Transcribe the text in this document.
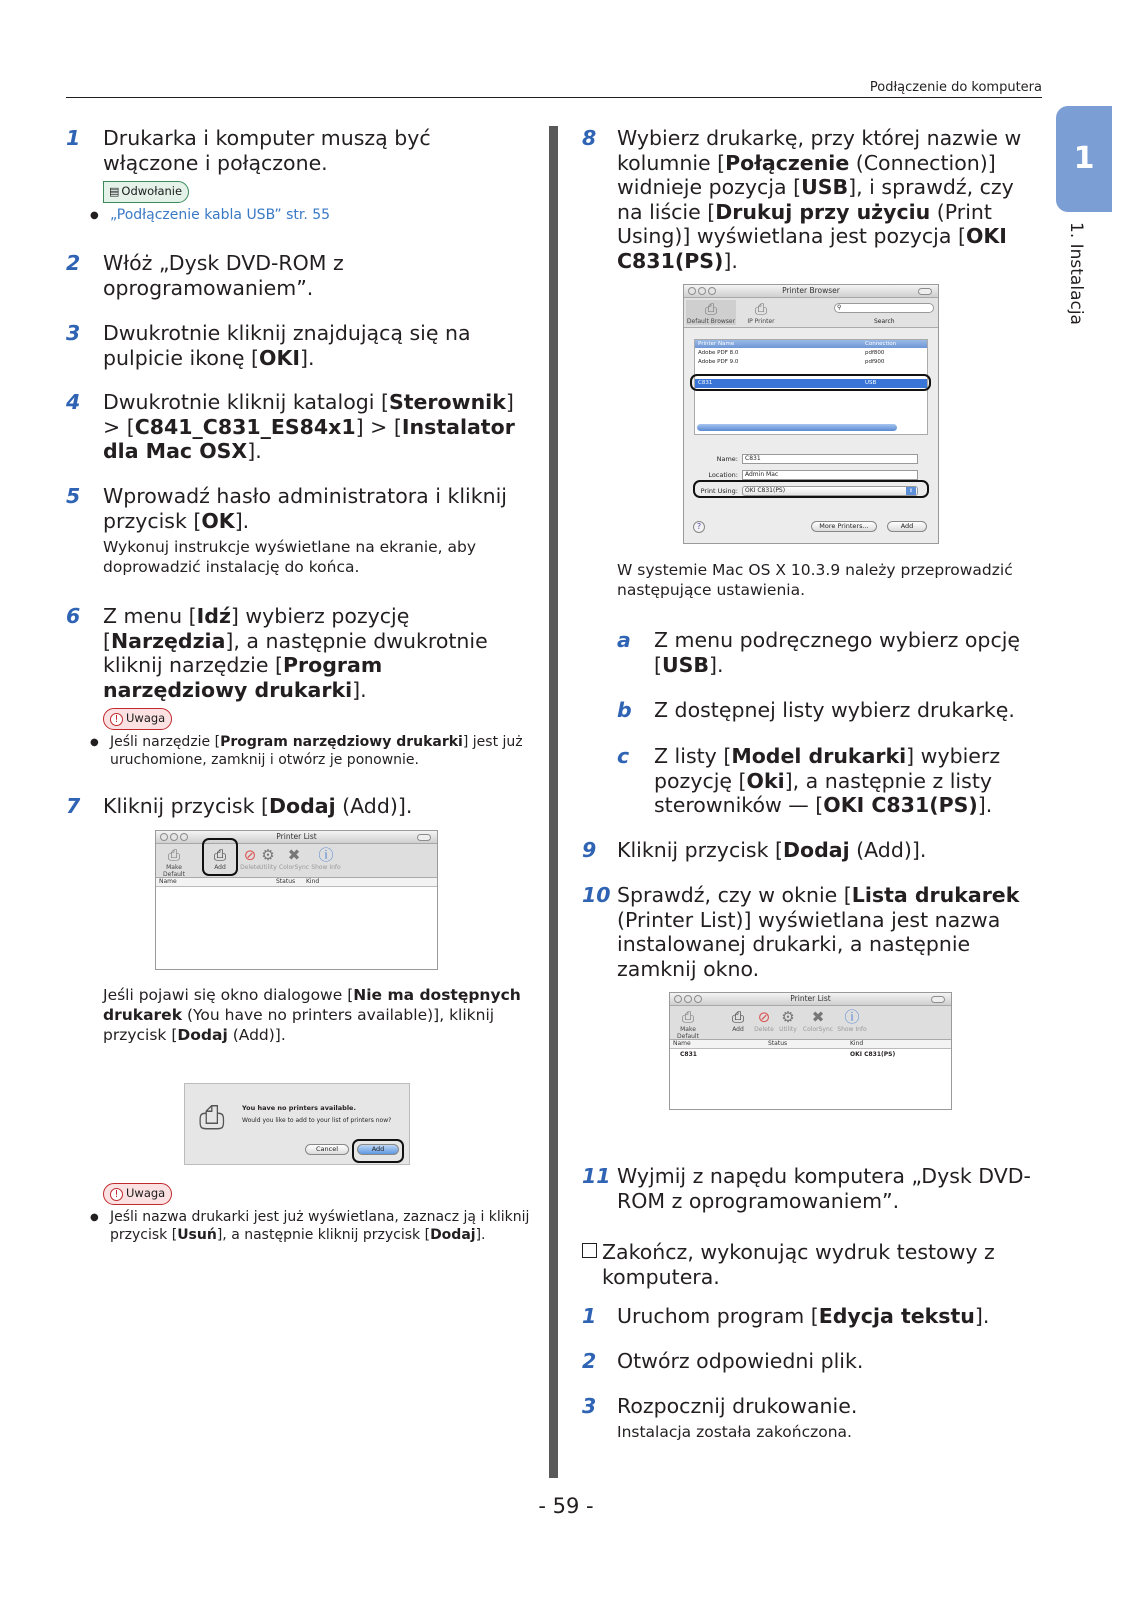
Podłączenie do komputera
1
1. Instalacja
1 Drukarka i komputer muszą być włączone i połączone.
▤ Odwołanie
● „Podłączenie kabla USB” str. 55
2 Włóż „Dysk DVD-ROM z oprogramowaniem”.
3 Dwukrotnie kliknij znajdującą się na pulpicie ikonę [OKI].
4 Dwukrotnie kliknij katalogi [Sterownik] > [C841_C831_ES84x1] > [Instalator dla Mac OSX].
5 Wprowadź hasło administratora i kliknij przycisk [OK].
Wykonuj instrukcje wyświetlane na ekranie, aby doprowadzić instalację do końca.
6 Z menu [Idź] wybierz pozycję [Narzędzia], a następnie dwukrotnie kliknij narzędzie [Program narzędziowy drukarki].
! Uwaga
● Jeśli narzędzie [Program narzędziowy drukarki] jest już uruchomione, zamknij i otwórz je ponownie.
7 Kliknij przycisk [Dodaj (Add)].
Printer List
⎙
Make Default
⎙
Add
⊘
Delete
⚙
Utility
✖
ColorSync
ⓘ
Show Info
Name	Status Kind
Jeśli pojawi się okno dialogowe [Nie ma dostępnych drukarek (You have no printers available)], kliknij przycisk [Dodaj (Add)].
⎙	You have no printers available.
Would you like to add to your list of printers now?
Cancel	Add
! Uwaga
● Jeśli nazwa drukarki jest już wyświetlana, zaznacz ją i kliknij przycisk [Usuń], a następnie kliknij przycisk [Dodaj].
8 Wybierz drukarkę, przy której nazwie w kolumnie [Połączenie (Connection)] widnieje pozycja [USB], i sprawdź, czy na liście [Drukuj przy użyciu (Print Using)] wyświetlana jest pozycja [OKI C831(PS)].
Printer Browser
⎙
Default Browser
⎙
IP Printer
⚲
Search
Printer Name	Connection
Adobe PDF 8.0	pdf800
Adobe PDF 9.0	pdf900
C831	USB
Name:	C831
Location:	Admin Mac
Print Using:	OKI C831(PS)	⇕
?	More Printers...	Add
W systemie Mac OS X 10.3.9 należy przeprowadzić następujące ustawienia.
a Z menu podręcznego wybierz opcję [USB].
b Z dostępnej listy wybierz drukarkę.
c Z listy [Model drukarki] wybierz pozycję [Oki], a następnie z listy sterowników — [OKI C831(PS)].
9 Kliknij przycisk [Dodaj (Add)].
10 Sprawdź, czy w oknie [Lista drukarek (Printer List)] wyświetlana jest nazwa instalowanej drukarki, a następnie zamknij okno.
Printer List
⎙
Make Default
⎙
Add
⊘
Delete
⚙
Utility
✖
ColorSync
ⓘ
Show Info
Name	Status	Kind
C831	OKI C831(PS)
11 Wyjmij z napędu komputera „Dysk DVD-ROM z oprogramowaniem”.
Zakończ, wykonując wydruk testowy z komputera.
1 Uruchom program [Edycja tekstu].
2 Otwórz odpowiedni plik.
3 Rozpocznij drukowanie.
Instalacja została zakończona.
- 59 -
